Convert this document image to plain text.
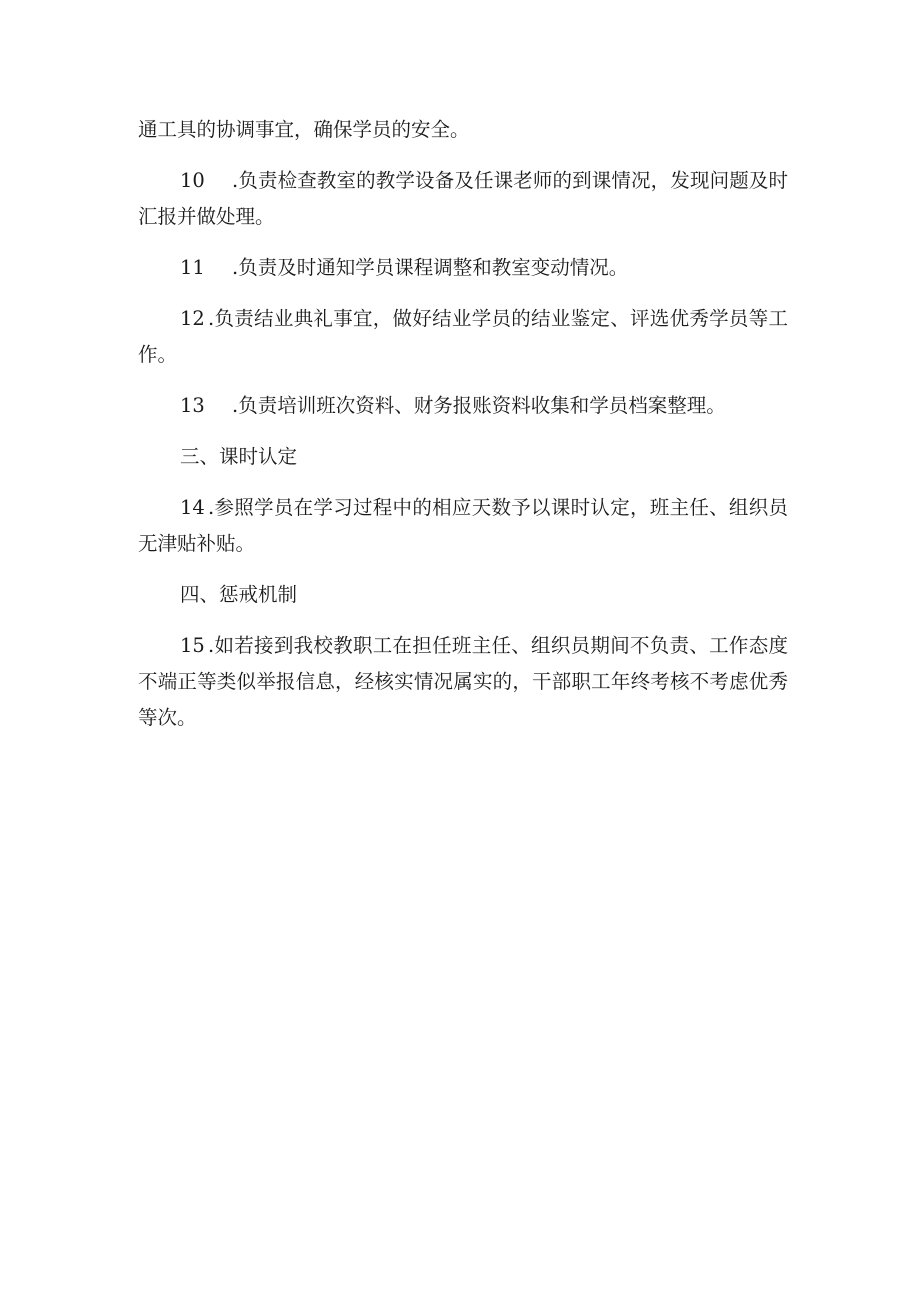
通工具的协调事宜，确保学员的安全。

10 .负责检查教室的教学设备及任课老师的到课情况，发现问题及时汇报并做处理。

11 .负责及时通知学员课程调整和教室变动情况。

12 .负责结业典礼事宜，做好结业学员的结业鉴定、评选优秀学员等工作。

13 .负责培训班次资料、财务报账资料收集和学员档案整理。

三、课时认定

14 .参照学员在学习过程中的相应天数予以课时认定，班主任、组织员无津贴补贴。

四、惩戒机制

15 .如若接到我校教职工在担任班主任、组织员期间不负责、工作态度不端正等类似举报信息，经核实情况属实的，干部职工年终考核不考虑优秀等次。
